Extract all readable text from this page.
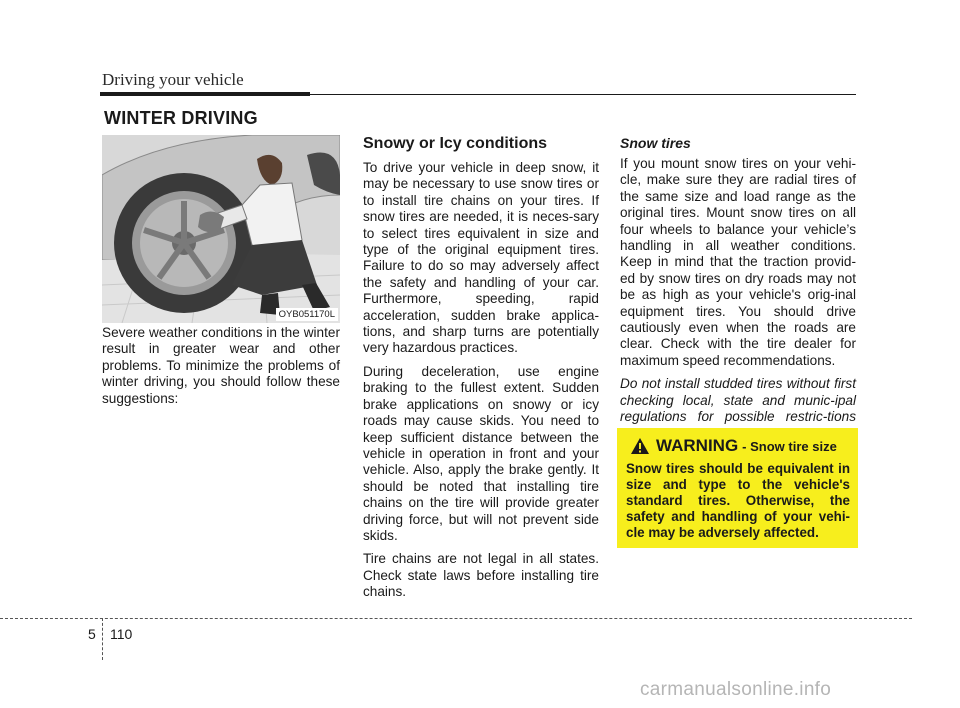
Driving your vehicle
WINTER DRIVING
OYB051170L

Severe weather conditions in the winter result in greater wear and other problems. To minimize the problems of winter driving, you should follow these suggestions:

Snowy or Icy conditions

To drive your vehicle in deep snow, it may be necessary to use snow tires or to install tire chains on your tires. If snow tires are needed, it is neces-sary to select tires equivalent in size and type of the original equipment tires. Failure to do so may adversely affect the safety and handling of your car. Furthermore, speeding, rapid acceleration, sudden brake applica-tions, and sharp turns are potentially very hazardous practices.

During deceleration, use engine braking to the fullest extent. Sudden brake applications on snowy or icy roads may cause skids. You need to keep sufficient distance between the vehicle in operation in front and your vehicle. Also, apply the brake gently. It should be noted that installing tire chains on the tire will provide greater driving force, but will not prevent side skids.

Tire chains are not legal in all states. Check state laws before installing tire chains.

Snow tires

If you mount snow tires on your vehi-cle, make sure they are radial tires of the same size and load range as the original tires. Mount snow tires on all four wheels to balance your vehicle’s handling in all weather conditions. Keep in mind that the traction provid-ed by snow tires on dry roads may not be as high as your vehicle's orig-inal equipment tires. You should drive cautiously even when the roads are clear. Check with the tire dealer for maximum speed recommendations.

Do not install studded tires without first checking local, state and munic-ipal regulations for possible restric-tions

WARNING - Snow tire size
Snow tires should be equivalent in size and type to the vehicle's standard tires. Otherwise, the safety and handling of your vehi-cle may be adversely affected.
5 110
carmanualsonline.info
